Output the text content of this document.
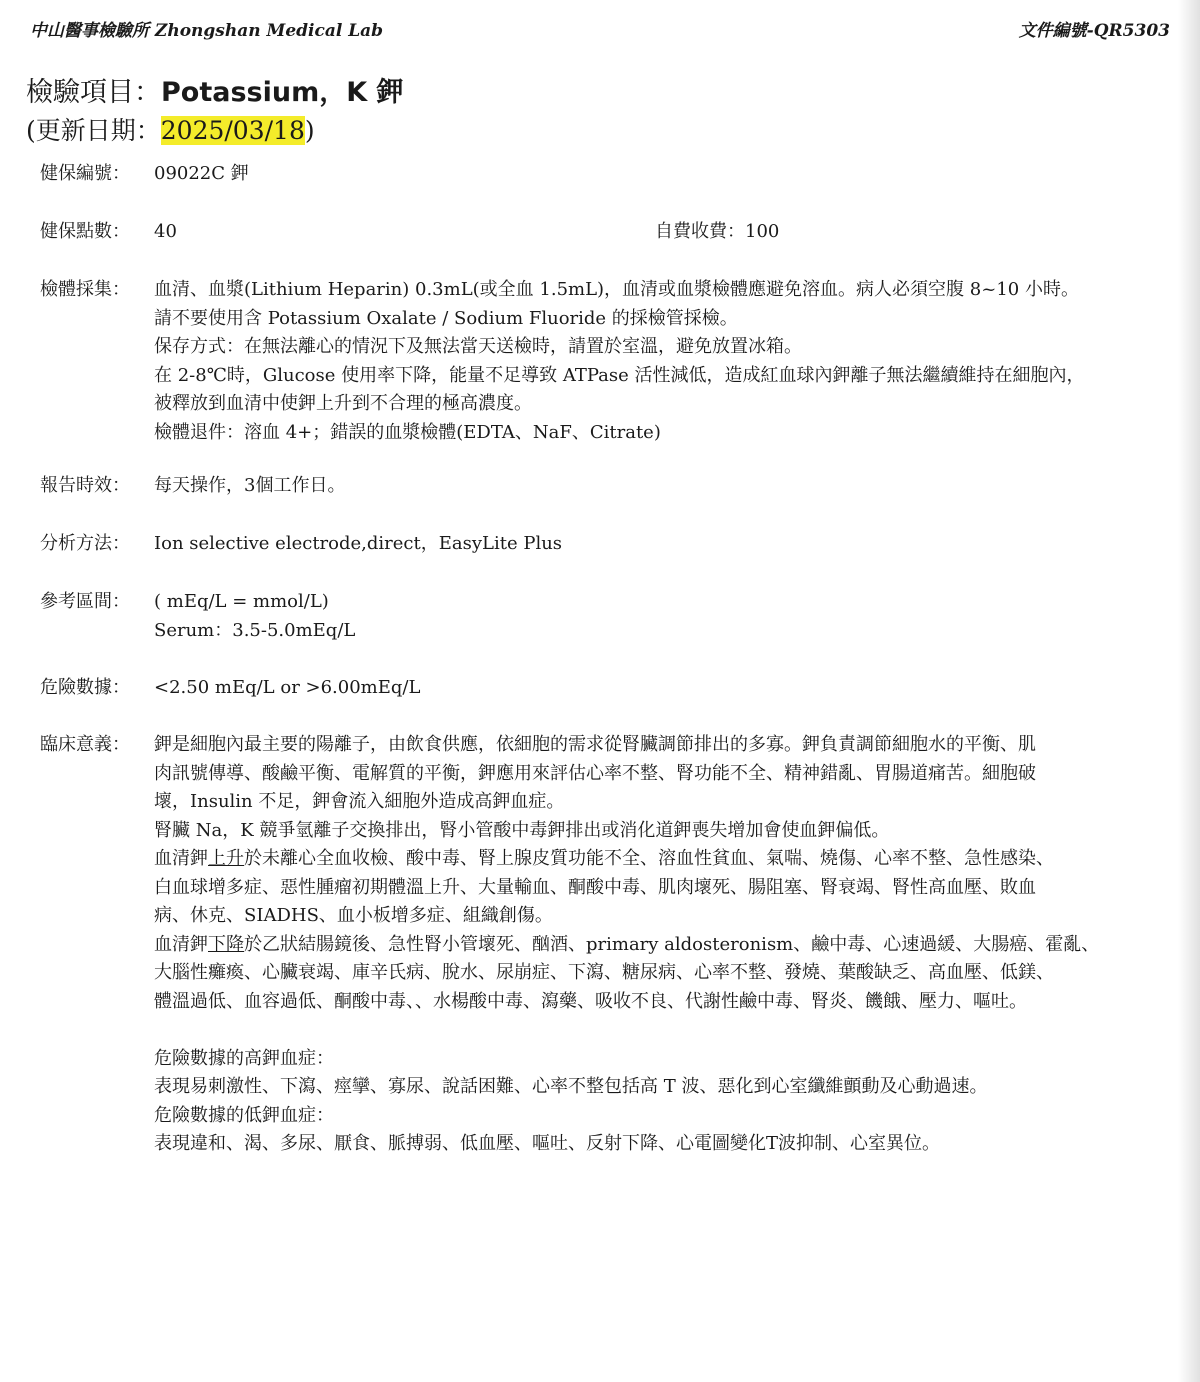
中山醫事檢驗所 Zhongshan Medical Lab	文件編號-QR5303
檢驗項目：Potassium，K 鉀
(更新日期：2025/03/18)
健保編號： 09022C 鉀
健保點數： 40	自費收費：100
檢體採集： 血清、血漿(Lithium Heparin) 0.3mL(或全血 1.5mL)，血清或血漿檢體應避免溶血。病人必須空腹 8~10 小時。
請不要使用含 Potassium Oxalate / Sodium Fluoride 的採檢管採檢。
保存方式：在無法離心的情況下及無法當天送檢時，請置於室溫，避免放置冰箱。
在 2-8℃時，Glucose 使用率下降，能量不足導致 ATPase 活性減低，造成紅血球內鉀離子無法繼續維持在細胞內，
被釋放到血清中使鉀上升到不合理的極高濃度。
檢體退件：溶血 4+；錯誤的血漿檢體(EDTA、NaF、Citrate)
報告時效： 每天操作，3個工作日。
分析方法： Ion selective electrode,direct，EasyLite Plus
參考區間： ( mEq/L = mmol/L)
Serum：3.5-5.0mEq/L
危險數據： <2.50 mEq/L or >6.00mEq/L
臨床意義： 鉀是細胞內最主要的陽離子，由飲食供應，依細胞的需求從腎臟調節排出的多寡。鉀負責調節細胞水的平衡、肌
肉訊號傳導、酸鹼平衡、電解質的平衡，鉀應用來評估心率不整、腎功能不全、精神錯亂、胃腸道痛苦。細胞破
壞，Insulin 不足，鉀會流入細胞外造成高鉀血症。
腎臟 Na，K 競爭氫離子交換排出，腎小管酸中毒鉀排出或消化道鉀喪失增加會使血鉀偏低。
血清鉀上升於未離心全血收檢、酸中毒、腎上腺皮質功能不全、溶血性貧血、氣喘、燒傷、心率不整、急性感染、
白血球增多症、惡性腫瘤初期體溫上升、大量輸血、酮酸中毒、肌肉壞死、腸阻塞、腎衰竭、腎性高血壓、敗血
病、休克、SIADHS、血小板增多症、組織創傷。
血清鉀下降於乙狀結腸鏡後、急性腎小管壞死、酗酒、primary aldosteronism、鹼中毒、心速過緩、大腸癌、霍亂、
大腦性癱瘓、心臟衰竭、庫辛氏病、脫水、尿崩症、下瀉、糖尿病、心率不整、發燒、葉酸缺乏、高血壓、低鎂、
體溫過低、血容過低、酮酸中毒、、水楊酸中毒、瀉藥、吸收不良、代謝性鹼中毒、腎炎、饑餓、壓力、嘔吐。
危險數據的高鉀血症：
表現易刺激性、下瀉、痙攣、寡尿、說話困難、心率不整包括高 T 波、惡化到心室纖維顫動及心動過速。
危險數據的低鉀血症：
表現違和、渴、多尿、厭食、脈搏弱、低血壓、嘔吐、反射下降、心電圖變化T波抑制、心室異位。
